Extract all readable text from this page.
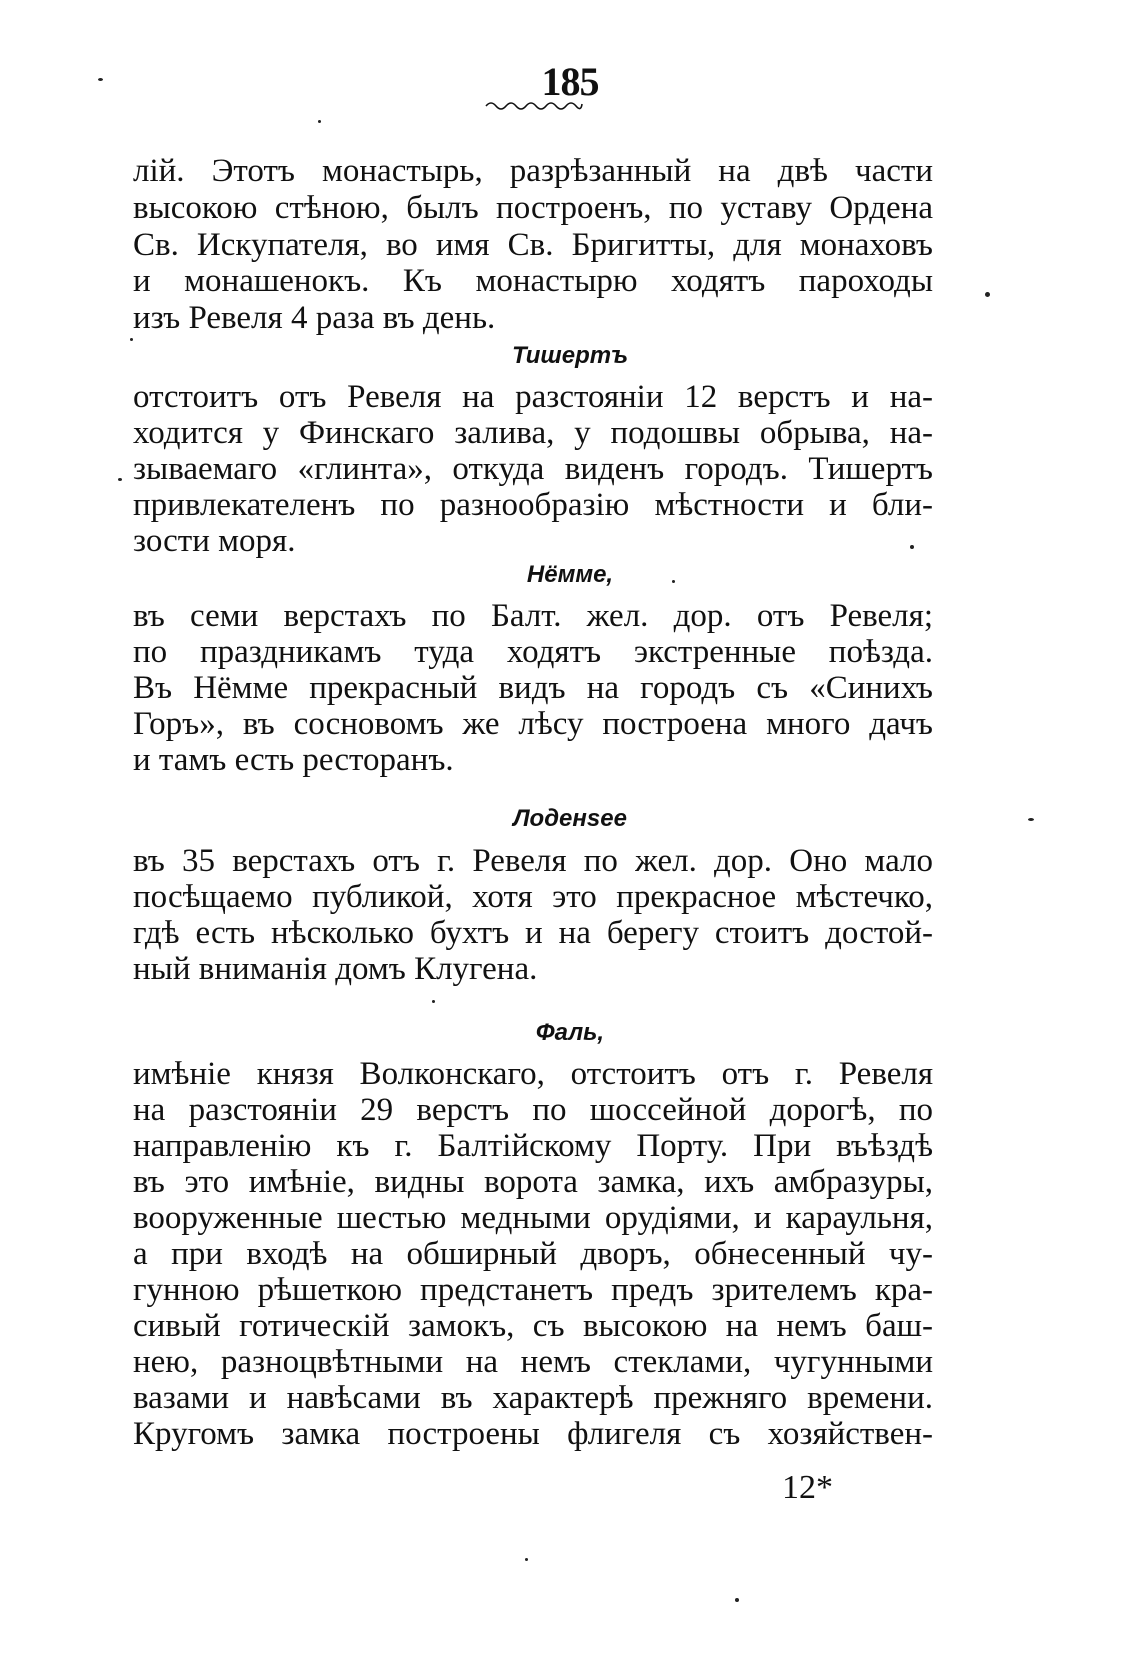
185
лій. Этотъ монастырь, разрѣзанный на двѣ части
высокою стѣною, былъ построенъ, по уставу Ордена
Св. Искупателя, во имя Св. Бригитты, для монаховъ
и монашенокъ. Къ монастырю ходятъ пароходы
изъ Ревеля 4 раза въ день.
Тишертъ
отстоитъ отъ Ревеля на разстояніи 12 верстъ и на-
ходится у Финскаго залива, у подошвы обрыва, на-
зываемаго «глинта», откуда виденъ городъ. Тишертъ
привлекателенъ по разнообразію мѣстности и бли-
зости моря.
Нёмме,
въ семи верстахъ по Балт. жел. дор. отъ Ревеля;
по праздникамъ туда ходятъ экстренные поѣзда.
Въ Нёмме прекрасный видъ на городъ съ «Синихъ
Горъ», въ сосновомъ же лѣсу построена много дачъ
и тамъ есть ресторанъ.
Лоденѕее
въ 35 верстахъ отъ г. Ревеля по жел. дор. Оно мало
посѣщаемо публикой, хотя это прекрасное мѣстечко,
гдѣ есть нѣсколько бухтъ и на берегу стоитъ достой-
ный вниманія домъ Клугена.
Фаль,
имѣніе князя Волконскаго, отстоитъ отъ г. Ревеля
на разстояніи 29 верстъ по шоссейной дорогѣ, по
направленію къ г. Балтійскому Порту. При въѣздѣ
въ это имѣніе, видны ворота замка, ихъ амбразуры,
вооруженные шестью медными орудіями, и караульня,
а при входѣ на обширный дворъ, обнесенный чу-
гунною рѣшеткою предстанетъ предъ зрителемъ кра-
сивый готическій замокъ, съ высокою на немъ баш-
нею, разноцвѣтными на немъ стеклами, чугунными
вазами и навѣсами въ характерѣ прежняго времени.
Кругомъ замка построены флигеля съ хозяйствен-
12*
